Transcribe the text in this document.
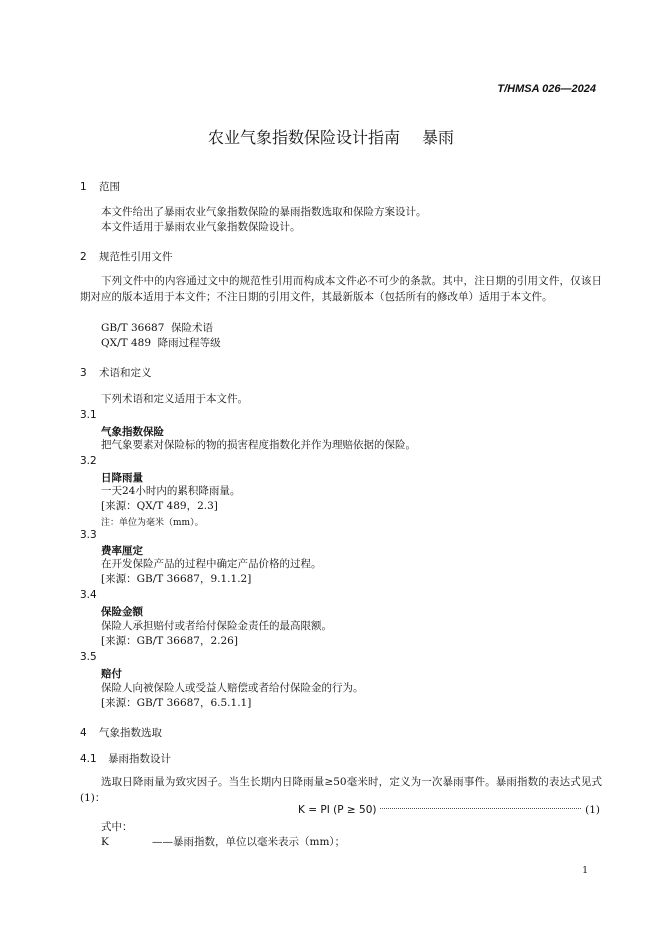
T/HMSA 026—2024
农业气象指数保险设计指南 暴雨
1 范围
本文件给出了暴雨农业气象指数保险的暴雨指数选取和保险方案设计。
本文件适用于暴雨农业气象指数保险设计。
2 规范性引用文件
下列文件中的内容通过文中的规范性引用而构成本文件必不可少的条款。其中，注日期的引用文件，仅该日期对应的版本适用于本文件；不注日期的引用文件，其最新版本（包括所有的修改单）适用于本文件。
GB/T 36687  保险术语
QX/T 489  降雨过程等级
3 术语和定义
下列术语和定义适用于本文件。
3.1
气象指数保险
把气象要素对保险标的物的损害程度指数化并作为理赔依据的保险。
3.2
日降雨量
一天24小时内的累积降雨量。
[来源：QX/T 489，2.3]
注：单位为毫米（mm）。
3.3
费率厘定
在开发保险产品的过程中确定产品价格的过程。
[来源：GB/T 36687，9.1.1.2]
3.4
保险金额
保险人承担赔付或者给付保险金责任的最高限额。
[来源：GB/T 36687，2.26]
3.5
赔付
保险人向被保险人或受益人赔偿或者给付保险金的行为。
[来源：GB/T 36687，6.5.1.1]
4 气象指数选取
4.1 暴雨指数设计
选取日降雨量为致灾因子。当生长期内日降雨量≥50毫米时，定义为一次暴雨事件。暴雨指数的表达式见式(1)：
K = PI (P ≥ 50)	(1)
式中：
K	——暴雨指数，单位以毫米表示（mm）；
1
